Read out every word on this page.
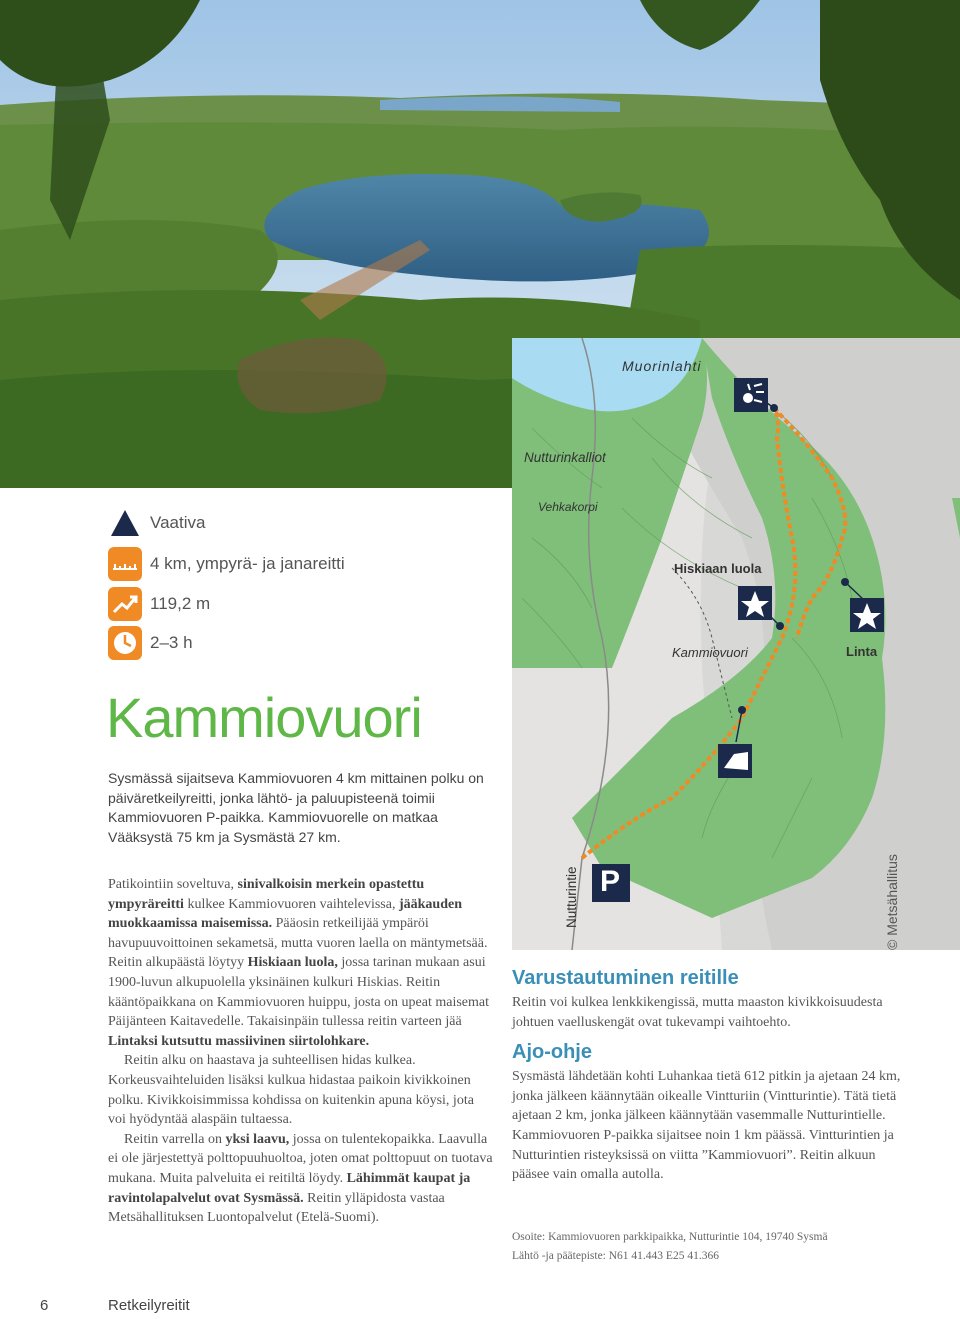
Muorinlahti
Nutturinkalliot
Vehkakorpi
Hiskiaan luola
Kammiovuori	Linta
Nutturintie P	© Metsähallitus
Vaativa
4 km, ympyrä- ja janareitti
119,2 m
2–3 h
Kammiovuori
Sysmässä sijaitseva Kammiovuoren 4 km mittainen polku on päiväretkeilyreitti, jonka lähtö- ja paluupisteenä toimii Kammiovuoren P-paikka. Kammiovuorelle on matkaa Vääksystä 75 km ja Sysmästä 27 km.

Patikointiin soveltuva, sinivalkoisin merkein opastettu ympyräreitti kulkee Kammiovuoren vaihtelevissa, jääkauden muokkaamissa maisemissa. Pääosin retkeilijää ympäröi havupuuvoittoinen sekametsä, mutta vuoren laella on mäntymetsää. Reitin alkupäästä löytyy Hiskiaan luola, jossa tarinan mukaan asui 1900-luvun alkupuolella yksinäinen kulkuri Hiskias. Reitin kääntöpaikkana on Kammiovuoren huippu, josta on upeat maisemat Päijänteen Kaitavedelle. Takaisinpäin tullessa reitin varteen jää Lintaksi kutsuttu massiivinen siirtolohkare.

Reitin alku on haastava ja suhteellisen hidas kulkea. Korkeusvaihteluiden lisäksi kulkua hidastaa paikoin kivikkoinen polku. Kivikkoisimmissa kohdissa on kuitenkin apuna köysi, jota voi hyödyntää alaspäin tultaessa.

Reitin varrella on yksi laavu, jossa on tulentekopaikka. Laavulla ei ole järjestettyä polttopuuhuoltoa, joten omat polttopuut on tuotava mukana. Muita palveluita ei reitiltä löydy. Lähimmät kaupat ja ravintolapalvelut ovat Sysmässä. Reitin ylläpidosta vastaa Metsähallituksen Luontopalvelut (Etelä-Suomi).

Varustautuminen reitille

Reitin voi kulkea lenkkikengissä, mutta maaston kivikkoisuudesta johtuen vaelluskengät ovat tukevampi vaihtoehto.

Ajo-ohje

Sysmästä lähdetään kohti Luhankaa tietä 612 pitkin ja ajetaan 24 km, jonka jälkeen käännytään oikealle Vintturiin (Vintturintie). Tätä tietä ajetaan 2 km, jonka jälkeen käännytään vasemmalle Nutturintielle. Kammiovuoren P-paikka sijaitsee noin 1 km päässä. Vintturintien ja Nutturintien risteyksissä on viitta ”Kammiovuori”. Reitin alkuun pääsee vain omalla autolla.

Osoite: Kammiovuoren parkkipaikka, Nutturintie 104, 19740 Sysmä
Lähtö -ja päätepiste: N61 41.443 E25 41.366
6	Retkeilyreitit
